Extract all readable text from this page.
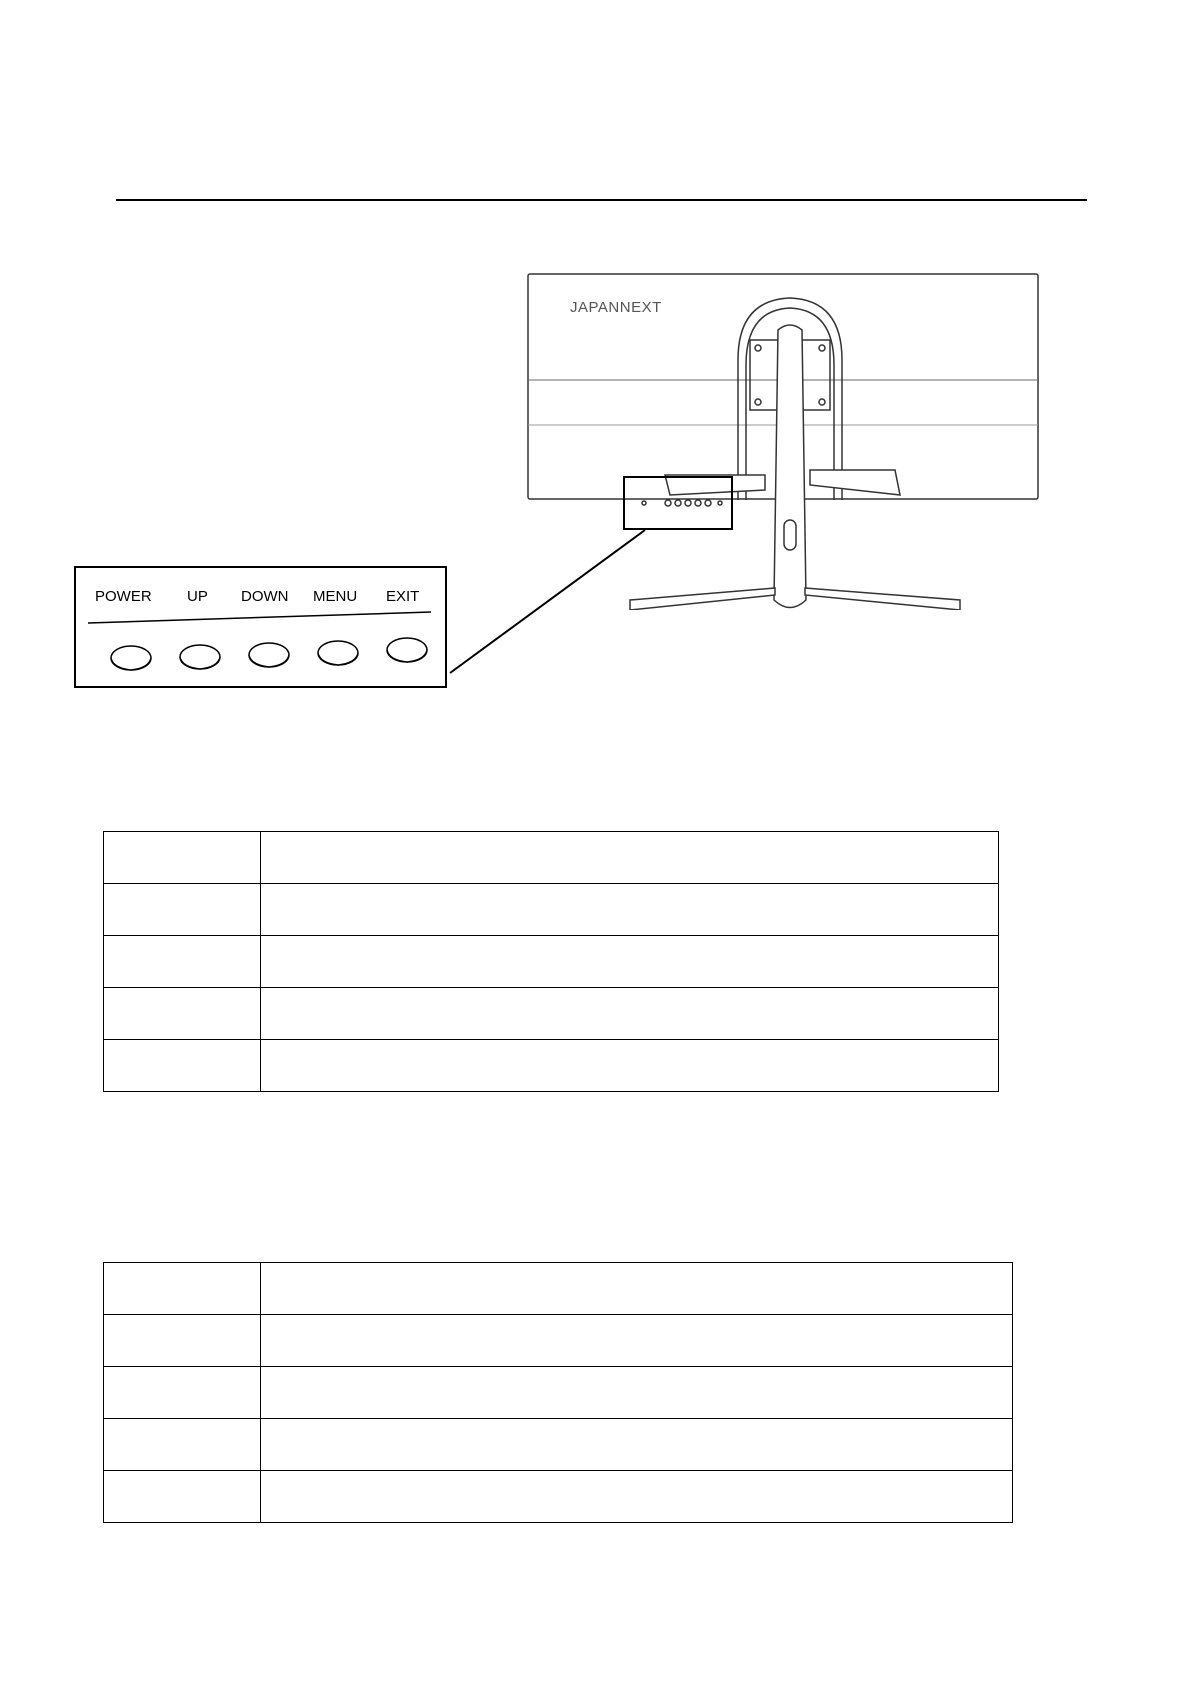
JAPANNEXT
POWER UP DOWN MENU EXIT
